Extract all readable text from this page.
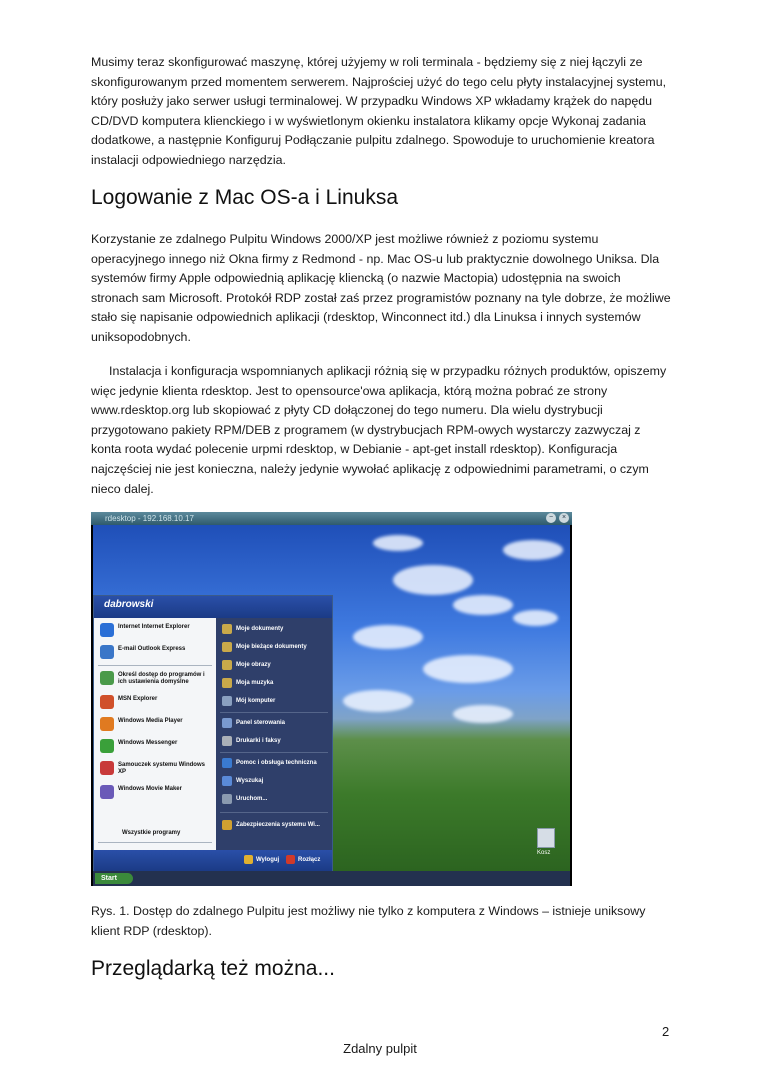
Musimy teraz skonfigurować maszynę, której użyjemy w roli terminala - będziemy się z niej łączyli ze skonfigurowanym przed momentem serwerem. Najprościej użyć do tego celu płyty instalacyjnej systemu, który posłuży jako serwer usługi terminalowej. W przypadku Windows XP wkładamy krążek do napędu CD/DVD komputera klienckiego i w wyświetlonym okienku instalatora klikamy opcje Wykonaj zadania dodatkowe, a następnie Konfiguruj Podłączanie pulpitu zdalnego. Spowoduje to uruchomienie kreatora instalacji odpowiedniego narzędzia.

Logowanie z Mac OS-a i Linuksa

Korzystanie ze zdalnego Pulpitu Windows 2000/XP jest możliwe również z poziomu systemu operacyjnego innego niż Okna firmy z Redmond - np. Mac OS-u lub praktycznie dowolnego Uniksa. Dla systemów firmy Apple odpowiednią aplikację kliencką (o nazwie Mactopia) udostępnia na swoich stronach sam Microsoft. Protokół RDP został zaś przez programistów poznany na tyle dobrze, że możliwe stało się napisanie odpowiednich aplikacji (rdesktop, Winconnect itd.) dla Linuksa i innych systemów uniksopodobnych.

Instalacja i konfiguracja wspomnianych aplikacji różnią się w przypadku różnych produktów, opiszemy więc jedynie klienta rdesktop. Jest to opensource'owa aplikacja, którą można pobrać ze strony www.rdesktop.org lub skopiować z płyty CD dołączonej do tego numeru. Dla wielu dystrybucji przygotowano pakiety RPM/DEB z programem (w dystrybucjach RPM-owych wystarczy zazwyczaj z konta roota wydać polecenie urpmi rdesktop, w Debianie - apt-get install rdesktop). Konfiguracja najczęściej nie jest konieczna, należy jedynie wywołać aplikację z odpowiednimi parametrami, o czym nieco dalej.

rdesktop - 192.168.10.17	−	×
Kosz
dabrowski
Internet Internet Explorer
E-mail Outlook Express
Określ dostęp do programów i ich ustawienia domyślne
MSN Explorer
Windows Media Player
Windows Messenger
Samouczek systemu Windows XP
Windows Movie Maker
Wszystkie programy
Moje dokumenty
Moje bieżące dokumenty
Moje obrazy
Moja muzyka
Mój komputer
Panel sterowania
Drukarki i faksy
Pomoc i obsługa techniczna
Wyszukaj
Uruchom...
Zabezpieczenia systemu Wi...
Wyloguj	Rozłącz
Start

Rys. 1. Dostęp do zdalnego Pulpitu jest możliwy nie tylko z komputera z Windows – istnieje uniksowy klient RDP (rdesktop).

Przeglądarką też można...
2
Zdalny pulpit
